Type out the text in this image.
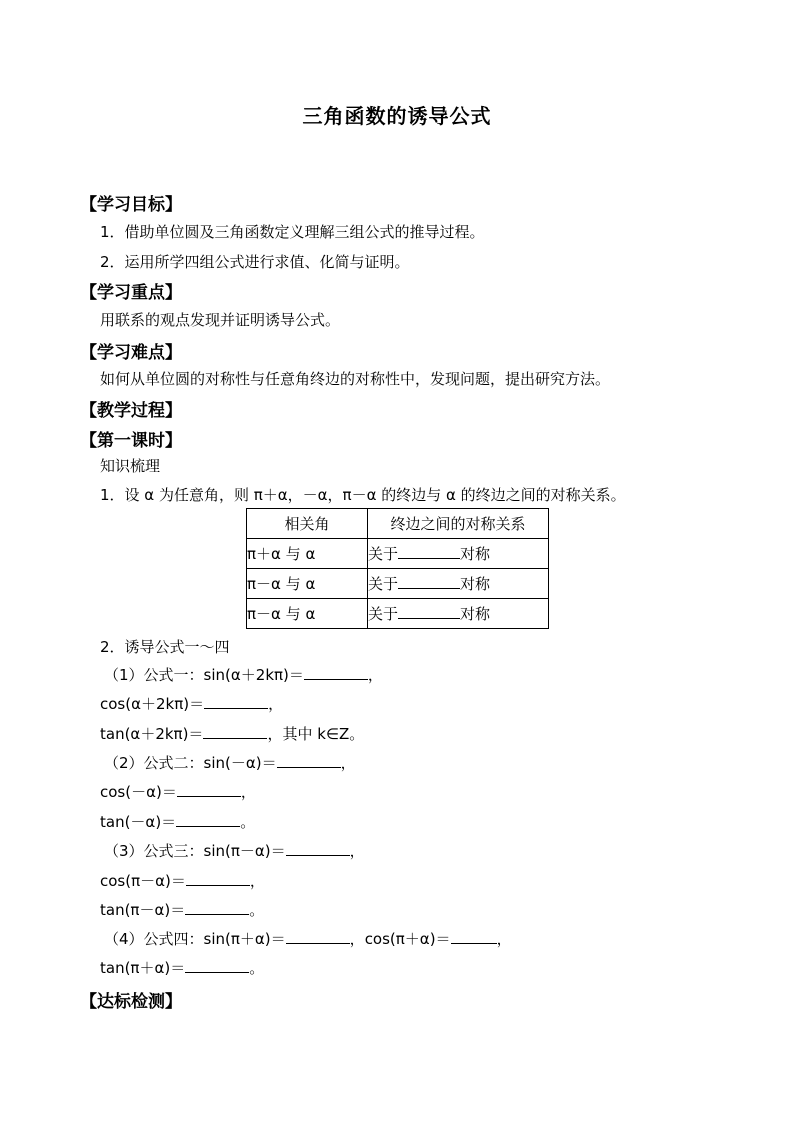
三角函数的诱导公式
【学习目标】

1．借助单位圆及三角函数定义理解三组公式的推导过程。

2．运用所学四组公式进行求值、化简与证明。

【学习重点】

用联系的观点发现并证明诱导公式。

【学习难点】

如何从单位圆的对称性与任意角终边的对称性中，发现问题，提出研究方法。

【教学过程】
【第一课时】

知识梳理

1．设 α 为任意角，则 π＋α，－α，π－α 的终边与 α 的终边之间的对称关系。

相关角	终边之间的对称关系
π＋α 与 α	关于 对称
π－α 与 α	关于 对称
π－α 与 α	关于 对称

2．诱导公式一～四

（1）公式一：sin(α＋2kπ)＝	，

cos(α＋2kπ)＝	，

tan(α＋2kπ)＝	，其中 k∈Z。

（2）公式二：sin(－α)＝	，

cos(－α)＝	，

tan(－α)＝	。

（3）公式三：sin(π－α)＝	，

cos(π－α)＝	，

tan(π－α)＝	。

（4）公式四：sin(π＋α)＝	，cos(π＋α)＝	，

tan(π＋α)＝	。

【达标检测】
